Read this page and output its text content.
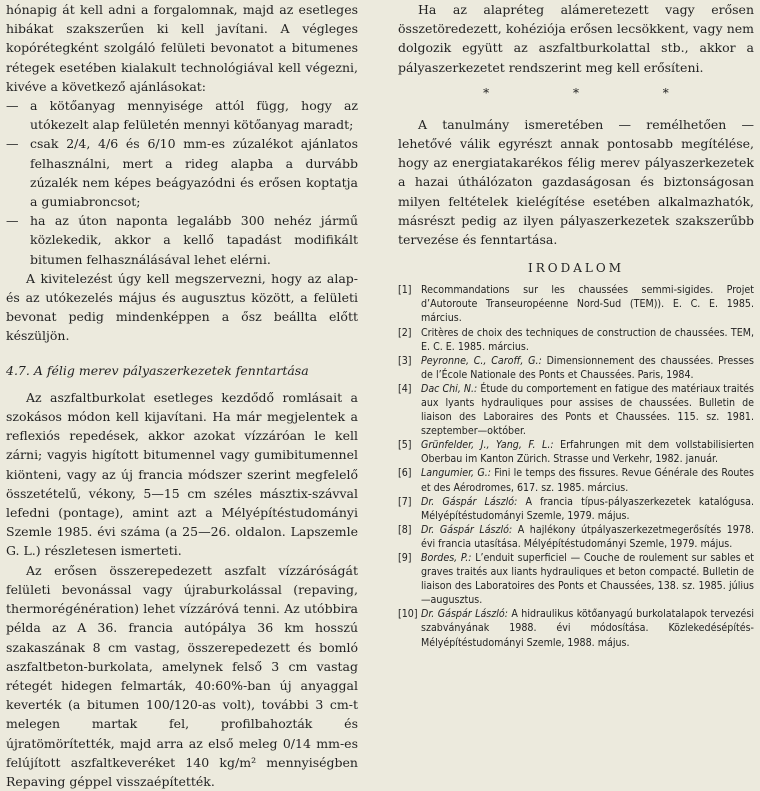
hónapig át kell adni a forgalomnak, majd az esetleges hibákat szakszerűen ki kell javítani. A végleges kopórétegként szolgáló felületi bevonatot a bitumenes rétegek esetében kialakult technológiával kell végezni, kivéve a következő ajánlásokat:

— a kötőanyag mennyisége attól függ, hogy az utókezelt alap felületén mennyi kötőanyag maradt;

— csak 2/4, 4/6 és 6/10 mm-es zúzalékot ajánlatos felhasználni, mert a rideg alapba a durvább zúzalék nem képes beágyazódni és erősen koptatja a gumiabroncsot;

— ha az úton naponta legalább 300 nehéz jármű közlekedik, akkor a kellő tapadást modifikált bitumen felhasználásával lehet elérni.

A kivitelezést úgy kell megszervezni, hogy az alap- és az utókezelés május és augusztus között, a felületi bevonat pedig mindenképpen a ősz beállta előtt készüljön.

4.7. A félig merev pályaszerkezetek fenntartása

Az aszfaltburkolat esetleges kezdődő romlásait a szokásos módon kell kijavítani. Ha már megjelentek a reflexiós repedések, akkor azokat vízzáróan le kell zárni; vagyis higított bitumennel vagy gumibitumennel kiönteni, vagy az új francia módszer szerint megfelelő összetételű, vékony, 5—15 cm széles másztix-szávval lefedni (pontage), amint azt a Mélyépítéstudományi Szemle 1985. évi száma (a 25—26. oldalon. Lapszemle G. L.) részletesen ismerteti.

Az erősen összerepedezett aszfalt vízzáróságát felületi bevonással vagy újraburkolással (repaving, thermorégénération) lehet vízzáróvá tenni. Az utóbbira példa az A 36. francia autópálya 36 km hosszú szakaszának 8 cm vastag, összerepedezett és bomló aszfaltbeton-burkolata, amelynek felső 3 cm vastag rétegét hidegen felmarták, 40:60%-ban új anyaggal keverték (a bitumen 100/120-as volt), további 3 cm-t melegen martak fel, profilbahozták és újratömörítették, majd arra az első meleg 0/14 mm-es felújított aszfaltkeveréket 140 kg/m² mennyiségben Repaving géppel visszaépítették.

Ha az alapréteg alámeretezett vagy erősen összetöredezett, kohéziója erősen lecsökkent, vagy nem dolgozik együtt az aszfaltburkolattal stb., akkor a pályaszerkezetet rendszerint meg kell erősíteni.

* * *

A tanulmány ismeretében — remélhetően — lehetővé válik egyrészt annak pontosabb megítélése, hogy az energiatakarékos félig merev pályaszerkezetek a hazai úthálózaton gazdaságosan és biztonságosan milyen feltételek kielégítése esetében alkalmazhatók, másrészt pedig az ilyen pályaszerkezetek szakszerűbb tervezése és fenntartása.

IRODALOM

[1] Recommandations sur les chaussées semmi-sigides. Projet d’Autoroute Transeuropéenne Nord-Sud (TEM)). E. C. E. 1985. március.

[2] Critères de choix des techniques de construction de chaussées. TEM, E. C. E. 1985. március.

[3] Peyronne, C., Caroff, G.: Dimensionnement des chaussées. Presses de l’École Nationale des Ponts et Chaussées. Paris, 1984.

[4] Dac Chi, N.: Étude du comportement en fatigue des matériaux traités aux lyants hydrauliques pour assises de chaussées. Bulletin de liaison des Laboraires des Ponts et Chaussées. 115. sz. 1981. szeptember—október.

[5] Grünfelder, J., Yang, F. L.: Erfahrungen mit dem vollstabilisierten Oberbau im Kanton Zürich. Strasse und Verkehr, 1982. január.

[6] Langumier, G.: Fini le temps des fissures. Revue Générale des Routes et des Aérodromes, 617. sz. 1985. március.

[7] Dr. Gáspár László: A francia típus-pályaszerkezetek katalógusa. Mélyépítéstudományi Szemle, 1979. május.

[8] Dr. Gáspár László: A hajlékony útpályaszerkezetmegerősítés 1978. évi francia utasítása. Mélyépítéstudományi Szemle, 1979. május.

[9] Bordes, P.: L’enduit superficiel — Couche de roulement sur sables et graves traités aux liants hydrauliques et beton compacté. Bulletin de liaison des Laboratoires des Ponts et Chaussées, 138. sz. 1985. július—augusztus.

[10] Dr. Gáspár László: A hidraulikus kötőanyagú burkolatalapok tervezési szabványának 1988. évi módosítása. Közlekedésépítés- Mélyépítéstudományi Szemle, 1988. május.
